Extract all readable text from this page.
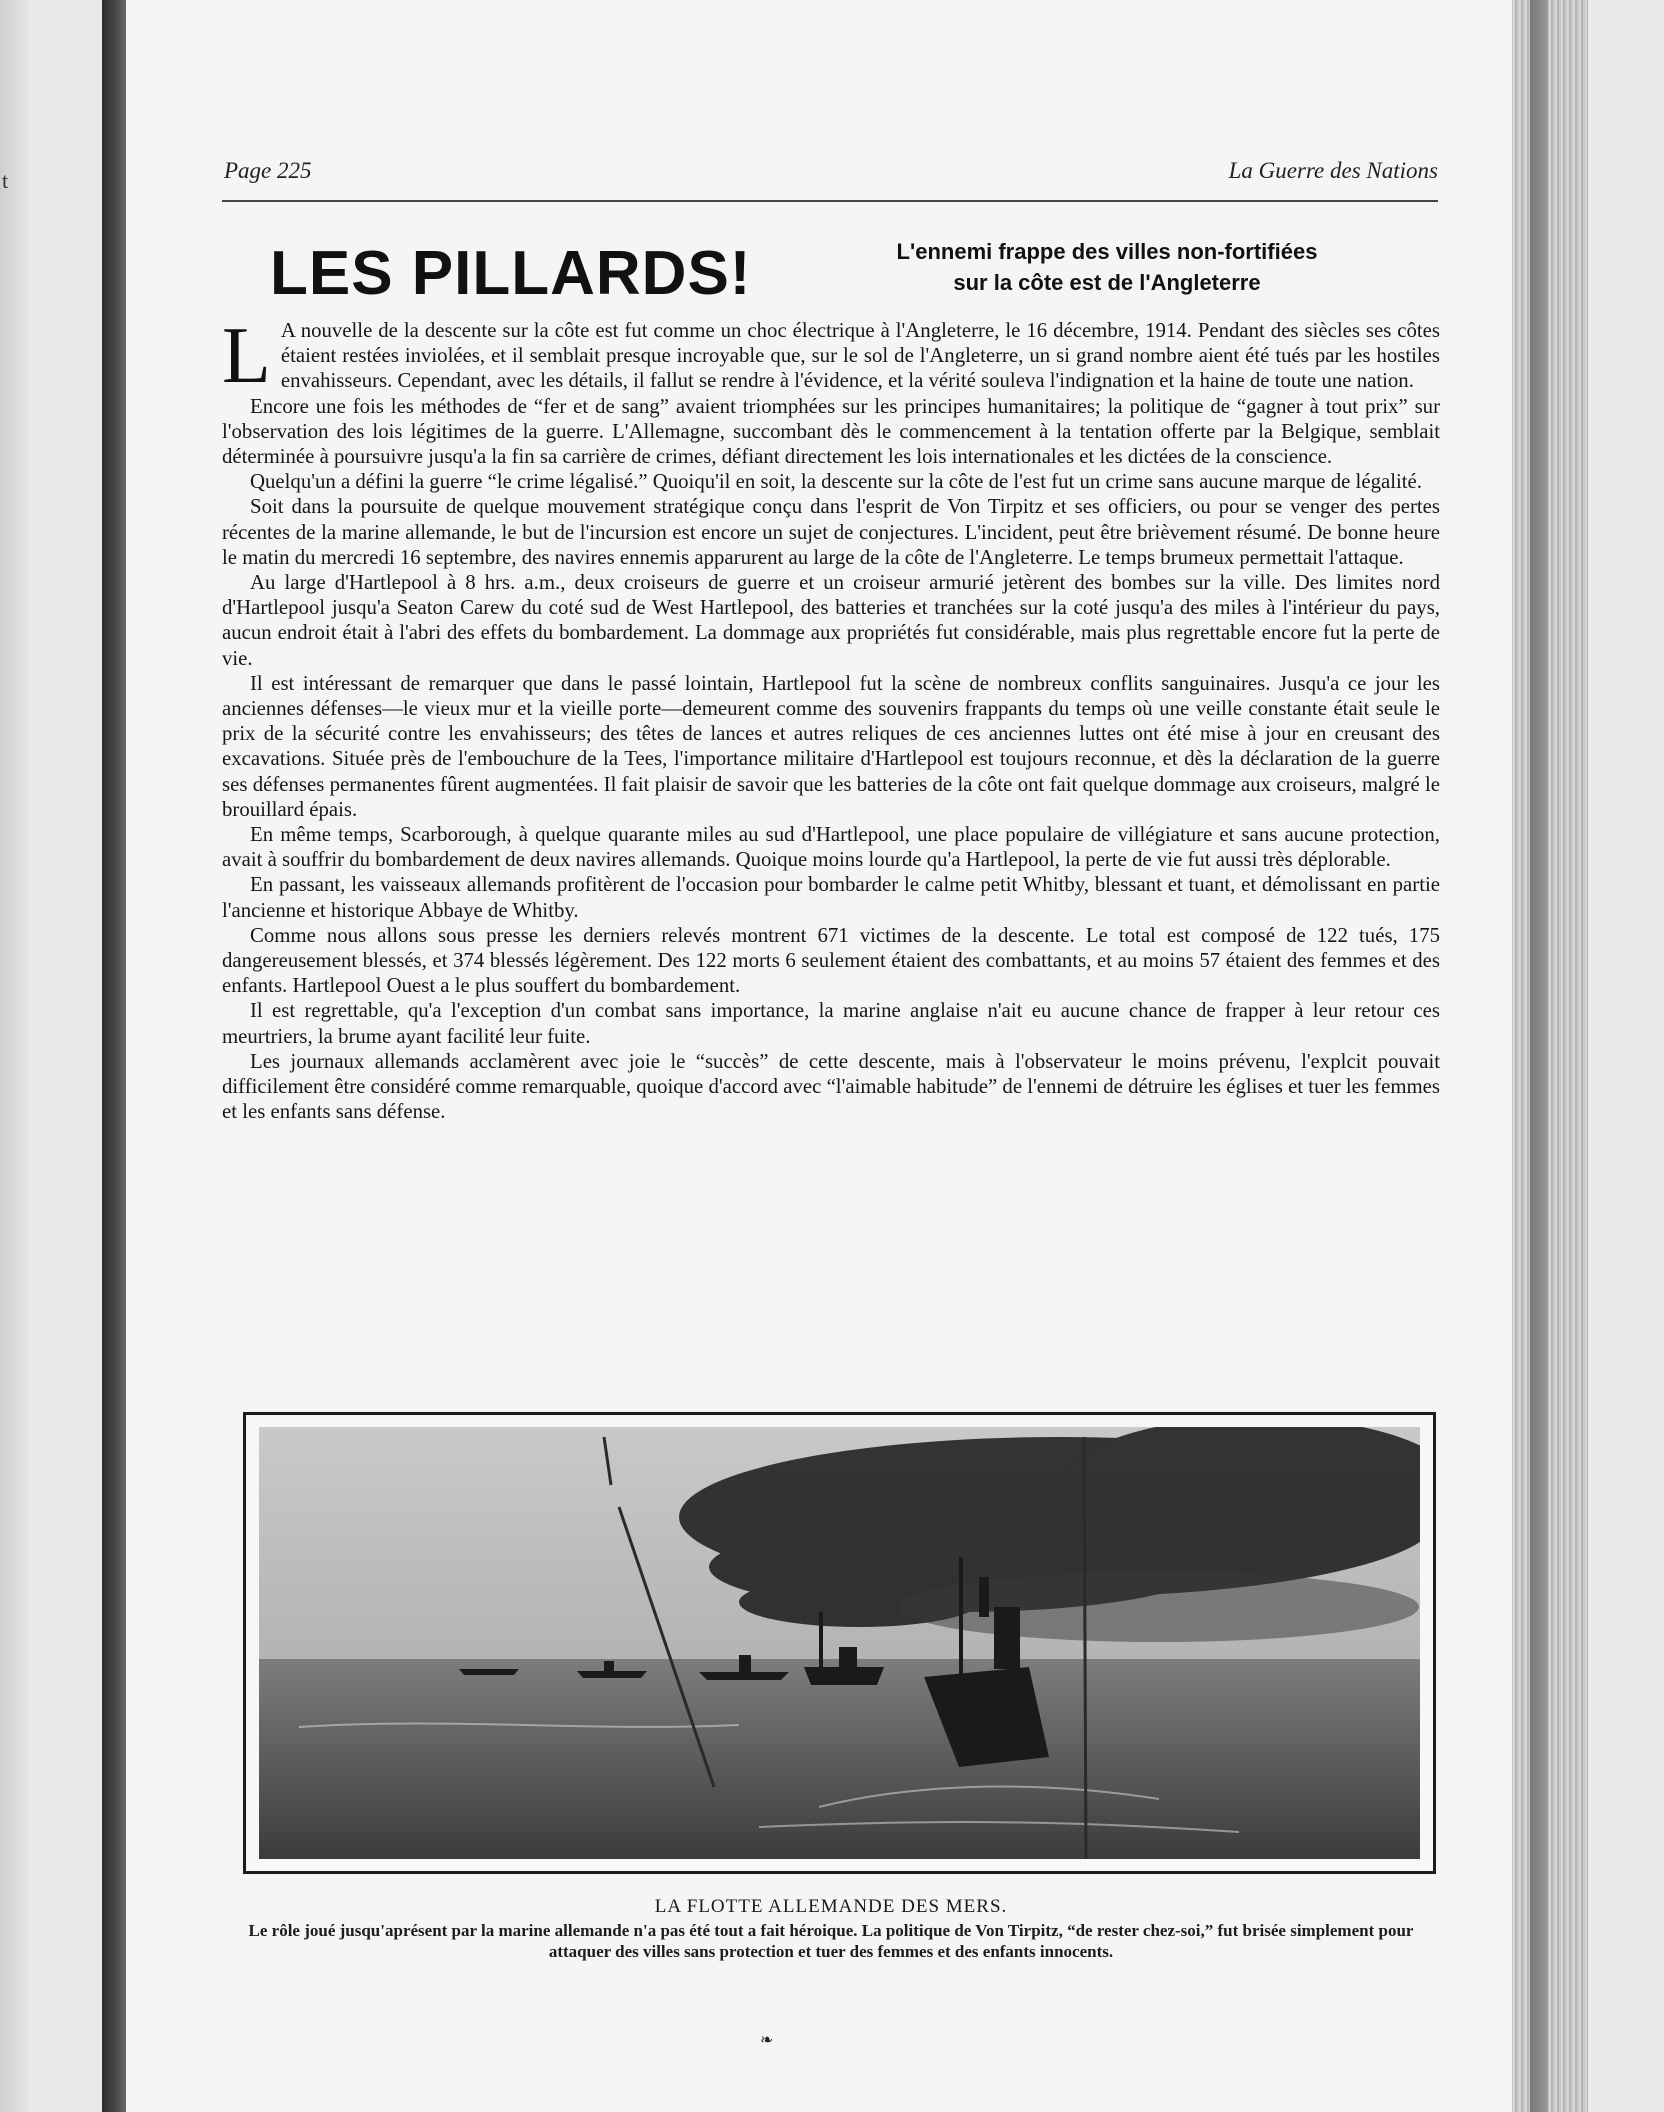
t	Page 225	La Guerre des Nations
LES PILLARDS!	L'ennemi frappe des villes non-fortifiées
sur la côte est de l'Angleterre

L A nouvelle de la descente sur la côte est fut comme un choc électrique à l'Angleterre, le 16 décembre, 1914. Pendant des siècles ses côtes étaient restées inviolées, et il semblait presque incroyable que, sur le sol de l'Angleterre, un si grand nombre aient été tués par les hostiles envahisseurs. Cependant, avec les détails, il fallut se rendre à l'évidence, et la vérité souleva l'indignation et la haine de toute une nation.

Encore une fois les méthodes de “fer et de sang” avaient triomphées sur les principes humanitaires; la politique de “gagner à tout prix” sur l'observation des lois légitimes de la guerre. L'Allemagne, succombant dès le commencement à la tentation offerte par la Belgique, semblait déterminée à poursuivre jusqu'a la fin sa carrière de crimes, défiant directement les lois internationales et les dictées de la conscience.

Quelqu'un a défini la guerre “le crime légalisé.” Quoiqu'il en soit, la descente sur la côte de l'est fut un crime sans aucune marque de légalité.

Soit dans la poursuite de quelque mouvement stratégique conçu dans l'esprit de Von Tirpitz et ses officiers, ou pour se venger des pertes récentes de la marine allemande, le but de l'incursion est encore un sujet de conjectures. L'incident, peut être brièvement résumé. De bonne heure le matin du mercredi 16 septembre, des navires ennemis apparurent au large de la côte de l'Angleterre. Le temps brumeux permettait l'attaque.

Au large d'Hartlepool à 8 hrs. a.m., deux croiseurs de guerre et un croiseur armurié jetèrent des bombes sur la ville. Des limites nord d'Hartlepool jusqu'a Seaton Carew du coté sud de West Hartlepool, des batteries et tranchées sur la coté jusqu'a des miles à l'intérieur du pays, aucun endroit était à l'abri des effets du bombardement. La dommage aux propriétés fut considérable, mais plus regrettable encore fut la perte de vie.

Il est intéressant de remarquer que dans le passé lointain, Hartlepool fut la scène de nombreux conflits sanguinaires. Jusqu'a ce jour les anciennes défenses—le vieux mur et la vieille porte—demeurent comme des souvenirs frappants du temps où une veille constante était seule le prix de la sécurité contre les envahisseurs; des têtes de lances et autres reliques de ces anciennes luttes ont été mise à jour en creusant des excavations. Située près de l'embouchure de la Tees, l'importance militaire d'Hartlepool est toujours reconnue, et dès la déclaration de la guerre ses défenses permanentes fûrent augmentées. Il fait plaisir de savoir que les batteries de la côte ont fait quelque dommage aux croiseurs, malgré le brouillard épais.

En même temps, Scarborough, à quelque quarante miles au sud d'Hartlepool, une place populaire de villégiature et sans aucune protection, avait à souffrir du bombardement de deux navires allemands. Quoique moins lourde qu'a Hartlepool, la perte de vie fut aussi très déplorable.

En passant, les vaisseaux allemands profitèrent de l'occasion pour bombarder le calme petit Whitby, blessant et tuant, et démolissant en partie l'ancienne et historique Abbaye de Whitby.

Comme nous allons sous presse les derniers relevés montrent 671 victimes de la descente. Le total est composé de 122 tués, 175 dangereusement blessés, et 374 blessés légèrement. Des 122 morts 6 seulement étaient des combattants, et au moins 57 étaient des femmes et des enfants. Hartlepool Ouest a le plus souffert du bombardement.

Il est regrettable, qu'a l'exception d'un combat sans importance, la marine anglaise n'ait eu aucune chance de frapper à leur retour ces meurtriers, la brume ayant facilité leur fuite.

Les journaux allemands acclamèrent avec joie le “succès” de cette descente, mais à l'observateur le moins prévenu, l'explcit pouvait difficilement être considéré comme remarquable, quoique d'accord avec “l'aimable habitude” de l'ennemi de détruire les églises et tuer les femmes et les enfants sans défense.

LA FLOTTE ALLEMANDE DES MERS.
Le rôle joué jusqu'aprésent par la marine allemande n'a pas été tout a fait héroique. La politique de Von Tirpitz, “de rester chez-soi,” fut brisée simplement pour attaquer des villes sans protection et tuer des femmes et des enfants innocents.
❧
